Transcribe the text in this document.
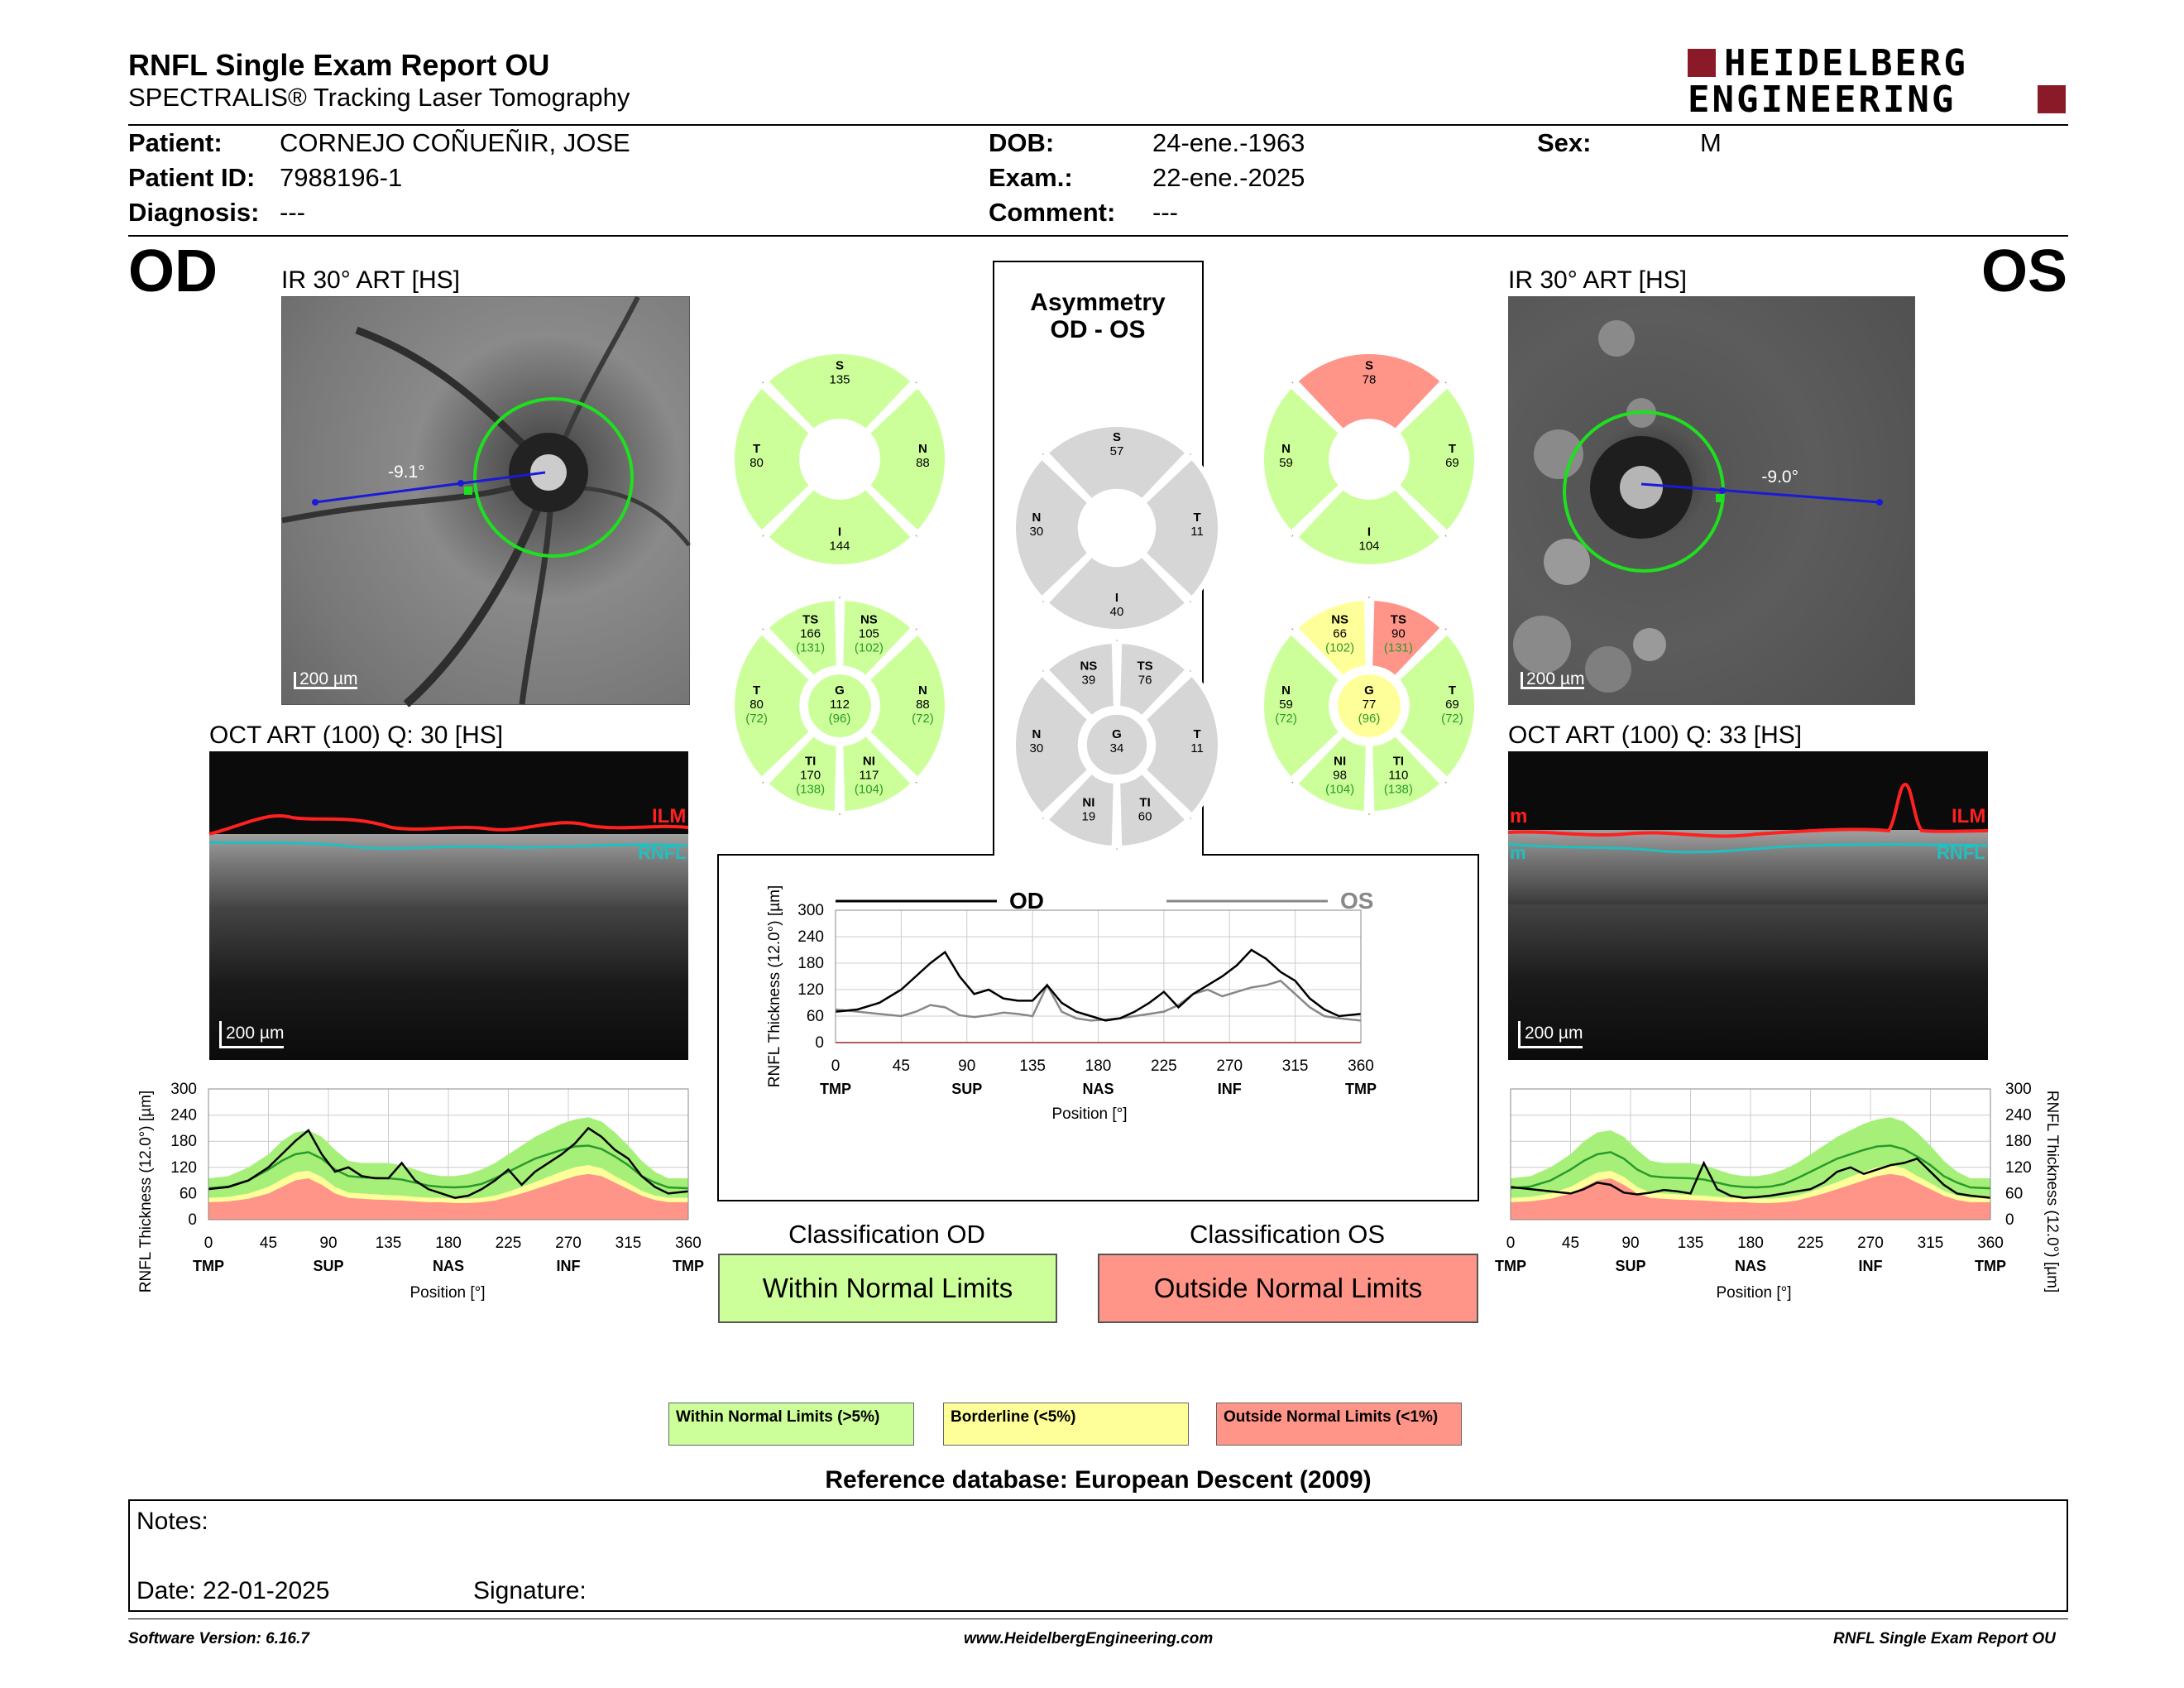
RNFL Single Exam Report OU
SPECTRALIS® Tracking Laser Tomography
HEIDELBERG
ENGINEERING
Patient: CORNEJO COÑUEÑIR, JOSE
Patient ID: 7988196-1
Diagnosis: ---
DOB:	24-ene.-1963
Exam.:	22-ene.-2025
Comment: ---
Sex:	M
OD	IR 30° ART [HS]
-9.1°
200 µm
OCT ART (100) Q: 30 [HS]
ILM
RNFL
200 µm
RNFL Thickness (12.0°) [µm] 0
60
120
180
240
300
0	45	90 135 180 225 270 315 360
TMP	SUP	NAS	INF	TMP
Position [°]
Asymmetry
OD - OS
S
135
N
88
I
144
T
80
S
78
T
69
I
104
N
59
S
57
T
11
I
40
N
30
NS
105
(102)
N
88
(72)
NI
117
(104)
TI
170
(138)
T
80
(72)
TS
166
(131)
G
112
(96)
TS
90
(131)
T
69
(72)
TI
110
(138)
NI
98
(104)
N
59
(72)
NS
66
(102)
G
77
(96)
TS
76
T
11
TI
60
NI
19
N
30
NS
39
G
34
OD	OS
RNFL Thickness (12.0°) [µm] 0
60
120
180
240
300
0	45	90	135	180	225	270	315	360
TMP	SUP	NAS	INF	TMP
Position [°]
Classification OD
Within Normal Limits
Classification OS
Outside Normal Limits
OS
IR 30° ART [HS]
-9.0°
200 µm
OCT ART (100) Q: 33 [HS]
ILM
RNFL
m
m
200 µm
0
60
120
180
240
300
0	45	90 135 180 225 270 315 360
TMP	SUP	NAS	INF	TMP
Position [°]
RNFL Thickness (12.0°) [µm]
Within Normal Limits (>5%)	Borderline (<5%)	Outside Normal Limits (<1%)
Reference database: European Descent (2009)
Notes:
Date: 22-01-2025	Signature:
Software Version: 6.16.7	www.HeidelbergEngineering.com	RNFL Single Exam Report OU
